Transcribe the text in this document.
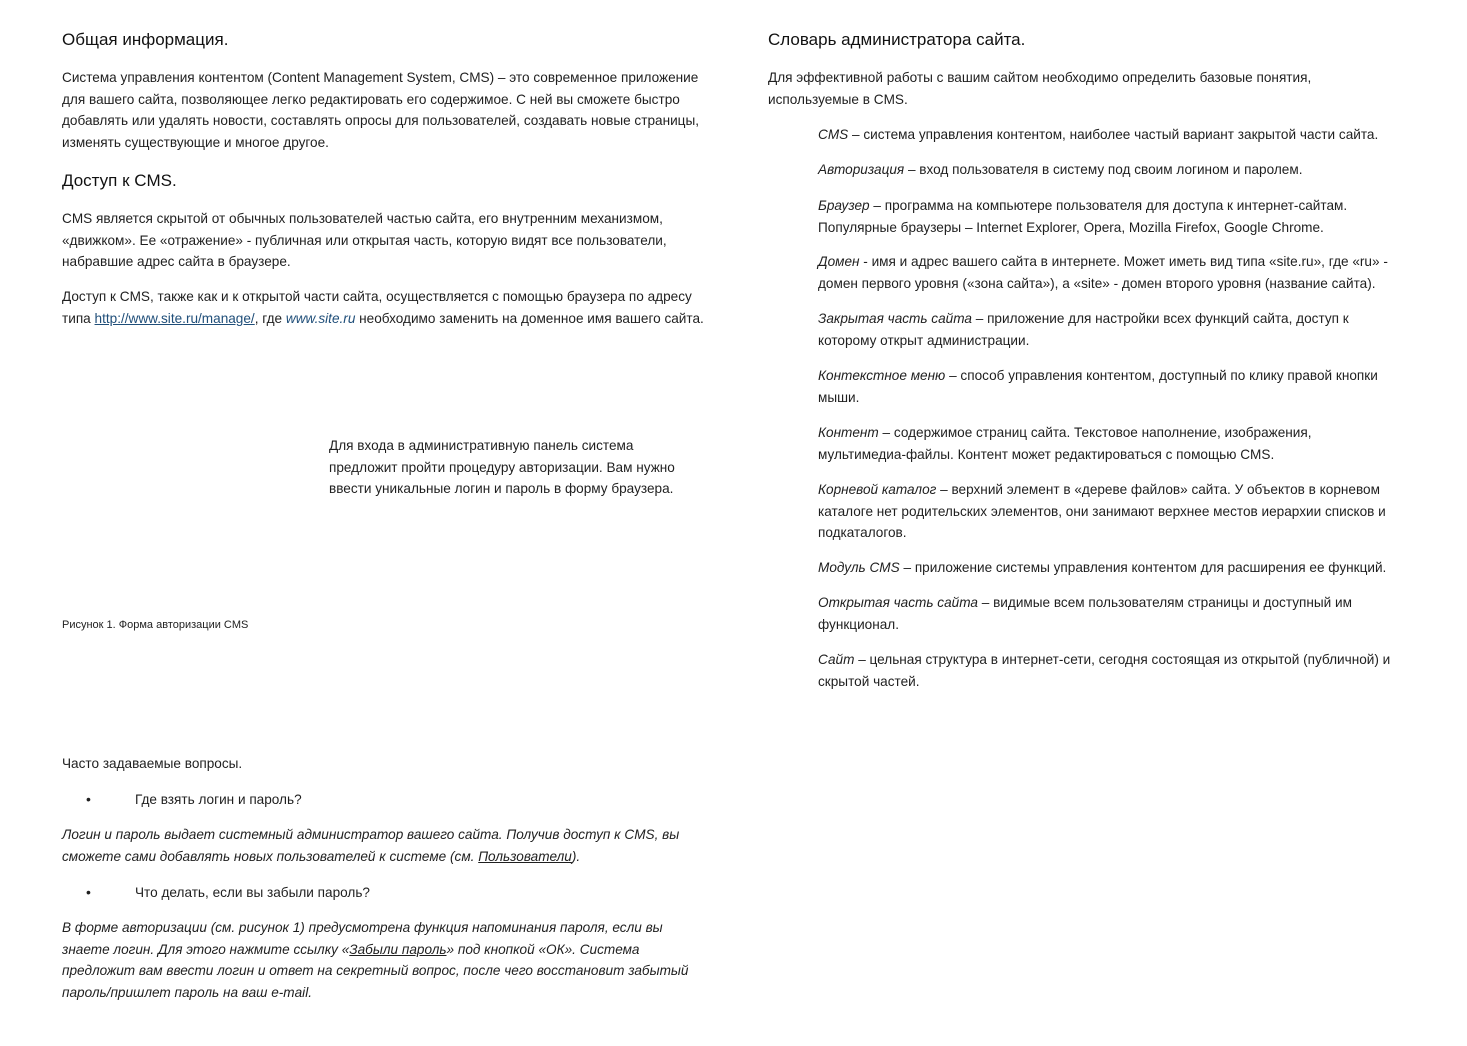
Общая информация.
Система управления контентом (Content Management System, CMS) – это современное приложение для вашего сайта, позволяющее легко редактировать его содержимое. С ней вы сможете быстро добавлять или удалять новости, составлять опросы для пользователей, создавать новые страницы, изменять существующие и многое другое.
Доступ к CMS.
CMS является скрытой от обычных пользователей частью сайта, его внутренним механизмом, «движком». Ее «отражение» - публичная или открытая часть, которую видят все пользователи, набравшие адрес сайта в браузере.
Доступ к CMS, также как и к открытой части сайта, осуществляется с помощью браузера по адресу типа http://www.site.ru/manage/, где www.site.ru необходимо заменить на доменное имя вашего сайта.
Для входа в административную панель система предложит пройти процедуру авторизации. Вам нужно ввести уникальные логин и пароль в форму браузера.
Рисунок 1. Форма авторизации CMS
Часто задаваемые вопросы.
•	Где взять логин и пароль?
Логин и пароль выдает системный администратор вашего сайта. Получив доступ к CMS, вы сможете сами добавлять новых пользователей к системе (см. Пользователи).
•	Что делать, если вы забыли пароль?
В форме авторизации (см. рисунок 1) предусмотрена функция напоминания пароля, если вы знаете логин. Для этого нажмите ссылку «Забыли пароль» под кнопкой «ОК». Система предложит вам ввести логин и ответ на секретный вопрос, после чего восстановит забытый пароль/пришлет пароль на ваш e-mail.
Словарь администратора сайта.
Для эффективной работы с вашим сайтом необходимо определить базовые понятия, используемые в CMS.
CMS – система управления контентом, наиболее частый вариант закрытой части сайта.
Авторизация – вход пользователя в систему под своим логином и паролем.
Браузер – программа на компьютере пользователя для доступа к интернет-сайтам. Популярные браузеры – Internet Explorer, Opera, Mozilla Firefox, Google Chrome.
Домен - имя и адрес вашего сайта в интернете. Может иметь вид типа «site.ru», где «ru» - домен первого уровня («зона сайта»), а «site» - домен второго уровня (название сайта).
Закрытая часть сайта – приложение для настройки всех функций сайта, доступ к которому открыт администрации.
Контекстное меню – способ управления контентом, доступный по клику правой кнопки мыши.
Контент – содержимое страниц сайта. Текстовое наполнение, изображения, мультимедиа-файлы. Контент может редактироваться с помощью CMS.
Корневой каталог – верхний элемент в «дереве файлов» сайта. У объектов в корневом каталоге нет родительских элементов, они занимают верхнее местов иерархии списков и подкаталогов.
Модуль CMS – приложение системы управления контентом для расширения ее функций.
Открытая часть сайта – видимые всем пользователям страницы и доступный им функционал.
Сайт – цельная структура в интернет-сети, сегодня состоящая из открытой (публичной) и скрытой частей.
